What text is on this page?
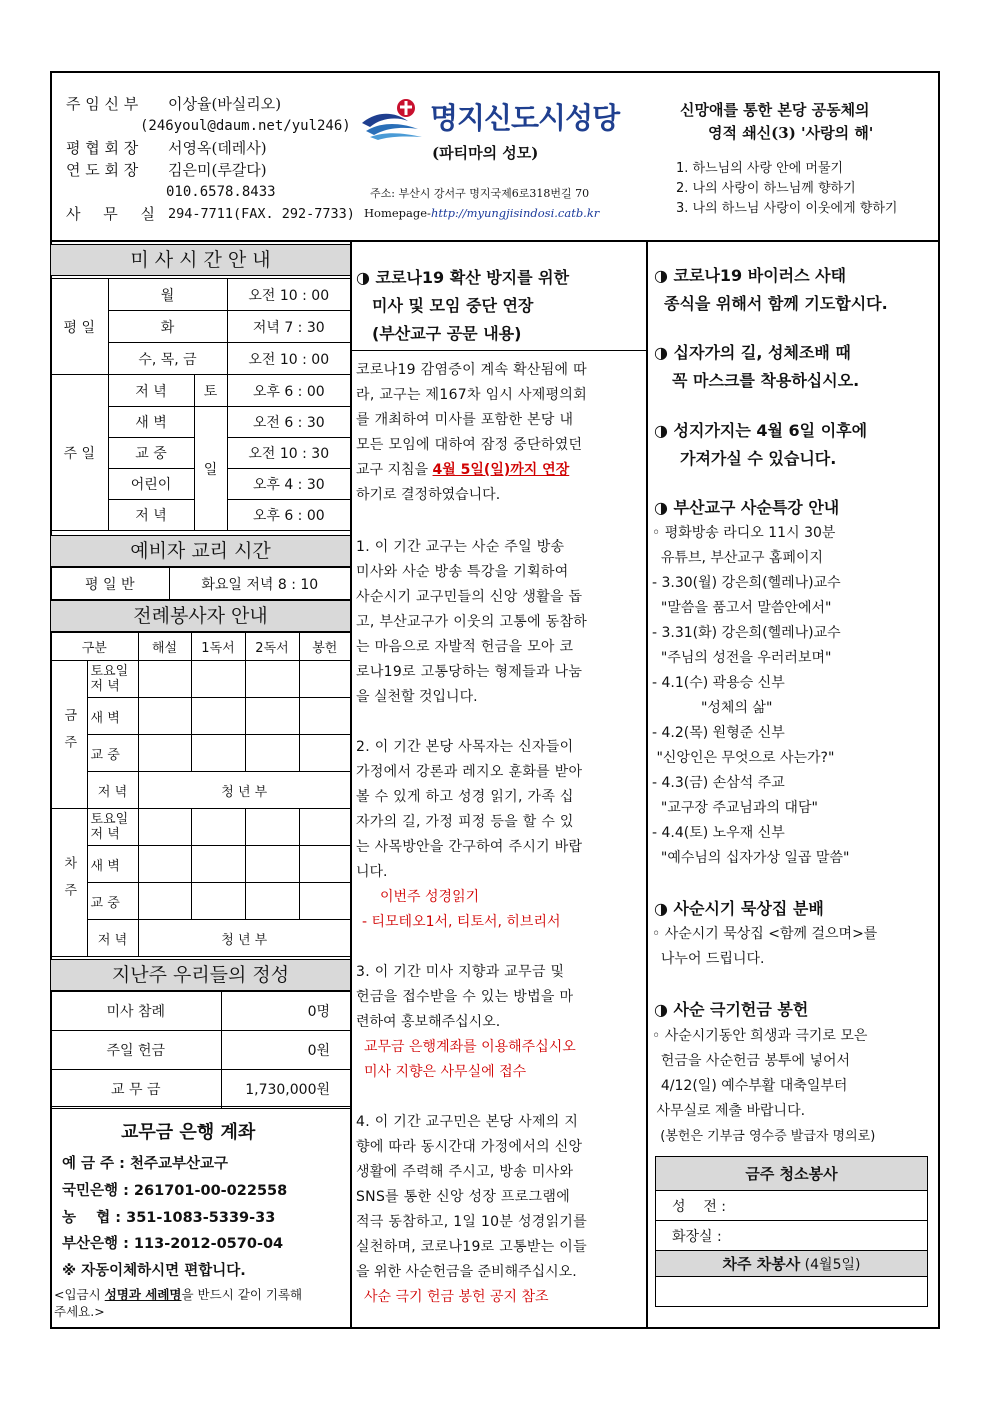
주 임 신 부 이상율(바실리오)
(246youl@daum.net/yul246)
평 협 회 장 서영옥(데레사)
연 도 회 장 김은미(루갈다)
010.6578.8433
사 무 실 294-7711(FAX. 292-7733)
명지신도시성당
(파티마의 성모)
주소: 부산시 강서구 명지국제6로318번길 70
Homepage-http://myungjisindosi.catb.kr
신망애를 통한 본당 공동체의
영적 쇄신(3) '사랑의 해'
1. 하느님의 사랑 안에 머물기
2. 나의 사랑이 하느님께 향하기
3. 나의 하느님 사랑이 이웃에게 향하기
미 사 시 간 안 내
평 일	월		오전 10 : 00
	화		저녁 7 : 30
	수, 목, 금		오전 10 : 00
주 일	저 녁	토	오후 6 : 00
	새 벽	일	오전 6 : 30
	교 중		오전 10 : 30
	어린이		오후 4 : 30
	저 녁		오후 6 : 00
예비자 교리 시간
평 일 반	화요일 저녁 8 : 10
전례봉사자 안내
구분		해설	1독서	2독서	봉헌
금주	토요일 저 녁				
	새 벽				
	교 중				
	저 녁	청 년 부			
차주	토요일 저 녁				
	새 벽				
	교 중				
	저 녁	청 년 부			
지난주 우리들의 정성
미사 참례	0명
주일 헌금	0원
교 무 금	1,730,000원
교무금 은행 계좌
예 금 주 : 천주교부산교구
국민은행 : 261701-00-022558
농    협 : 351-1083-5339-33
부산은행 : 113-2012-0570-04
※ 자동이체하시면 편합니다.
<입금시 성명과 세례명을 반드시 같이 기록해
주세요.>
◑ 코로나19 확산 방지를 위한
미사 및 모임 중단 연장
(부산교구 공문 내용)
코로나19 감염증이 계속 확산됨에 따
라, 교구는 제167차 임시 사제평의회
를 개최하여 미사를 포함한 본당 내
모든 모임에 대하여 잠정 중단하였던
교구 지침을 4월 5일(일)까지 연장
하기로 결정하였습니다.
1. 이 기간 교구는 사순 주일 방송
미사와 사순 방송 특강을 기획하여
사순시기 교구민들의 신앙 생활을 돕
고, 부산교구가 이웃의 고통에 동참하
는 마음으로 자발적 헌금을 모아 코
로나19로 고통당하는 형제들과 나눔
을 실천할 것입니다.
2. 이 기간 본당 사목자는 신자들이
가정에서 강론과 레지오 훈화를 받아
볼 수 있게 하고 성경 읽기, 가족 십
자가의 길, 가정 피정 등을 할 수 있
는 사목방안을 간구하여 주시기 바랍
니다.
이번주 성경읽기
- 티모테오1서, 티토서, 히브리서
3. 이 기간 미사 지향과 교무금 및
헌금을 접수받을 수 있는 방법을 마
련하여 홍보해주십시오.
교무금 은행계좌를 이용해주십시오
미사 지향은 사무실에 접수
4. 이 기간 교구민은 본당 사제의 지
향에 따라 동시간대 가정에서의 신앙
생활에 주력해 주시고, 방송 미사와
SNS를 통한 신앙 성장 프로그램에
적극 동참하고, 1일 10분 성경읽기를
실천하며, 코로나19로 고통받는 이들
을 위한 사순헌금을 준비해주십시오.
사순 극기 헌금 봉헌 공지 참조
◑ 코로나19 바이러스 사태
종식을 위해서 함께 기도합시다.
◑ 십자가의 길, 성체조배 때
꼭 마스크를 착용하십시오.
◑ 성지가지는 4월 6일 이후에
가져가실 수 있습니다.
◑ 부산교구 사순특강 안내
◦ 평화방송 라디오 11시 30분
유튜브, 부산교구 홈페이지
- 3.30(월) 강은희(헬레나)교수
"말씀을 품고서 말씀안에서"
- 3.31(화) 강은희(헬레나)교수
"주님의 성전을 우러러보며"
- 4.1(수) 곽용승 신부
"성체의 삶"
- 4.2(목) 원형준 신부
"신앙인은 무엇으로 사는가?"
- 4.3(금) 손삼석 주교
"교구장 주교님과의 대담"
- 4.4(토) 노우재 신부
"예수님의 십자가상 일곱 말씀"
◑ 사순시기 묵상집 분배
◦ 사순시기 묵상집 <함께 걸으며>를
나누어 드립니다.
◑ 사순 극기헌금 봉헌
◦ 사순시기동안 희생과 극기로 모은
헌금을 사순헌금 봉투에 넣어서
4/12(일) 예수부활 대축일부터
사무실로 제출 바랍니다.
(봉헌은 기부금 영수증 발급자 명의로)
금주 청소봉사
성    전 :
화장실 :
차주 차봉사 (4월5일)
